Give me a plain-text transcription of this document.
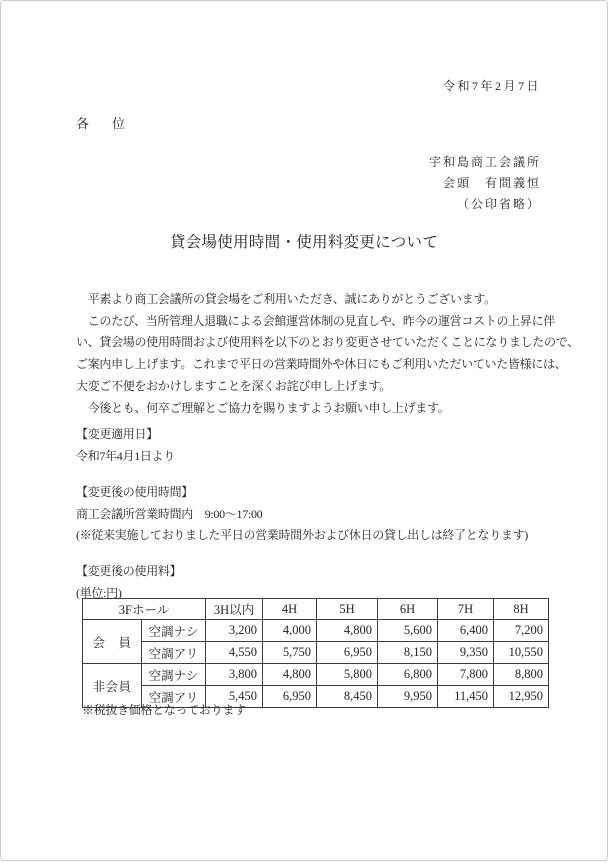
令和7年2月7日
各　位
宇和島商工会議所
会頭　有間義恒
（公印省略）
貸会場使用時間・使用料変更について
　平素より商工会議所の貸会場をご利用いただき、誠にありがとうございます。
　このたび、当所管理人退職による会館運営体制の見直しや、昨今の運営コストの上昇に伴
い、貸会場の使用時間および使用料を以下のとおり変更させていただくことになりましたので、
ご案内申し上げます。これまで平日の営業時間外や休日にもご利用いただいていた皆様には、
大変ご不便をおかけしますことを深くお詫び申し上げます。
　今後とも、何卒ご理解とご協力を賜りますようお願い申し上げます。
【変更適用日】
令和7年4月1日より
【変更後の使用時間】
商工会議所営業時間内　9:00〜17:00
(※従来実施しておりました平日の営業時間外および休日の貸し出しは終了となります)
【変更後の使用料】
(単位:円)
3Fホール		3H以内	4H	5H	6H	7H	8H
会　員	空調ナシ	3,200	4,000	4,800	5,600	6,400	7,200
	空調アリ	4,550	5,750	6,950	8,150	9,350	10,550
非会員	空調ナシ	3,800	4,800	5,800	6,800	7,800	8,800
	空調アリ	5,450	6,950	8,450	9,950	11,450	12,950
※税抜き価格となっております
